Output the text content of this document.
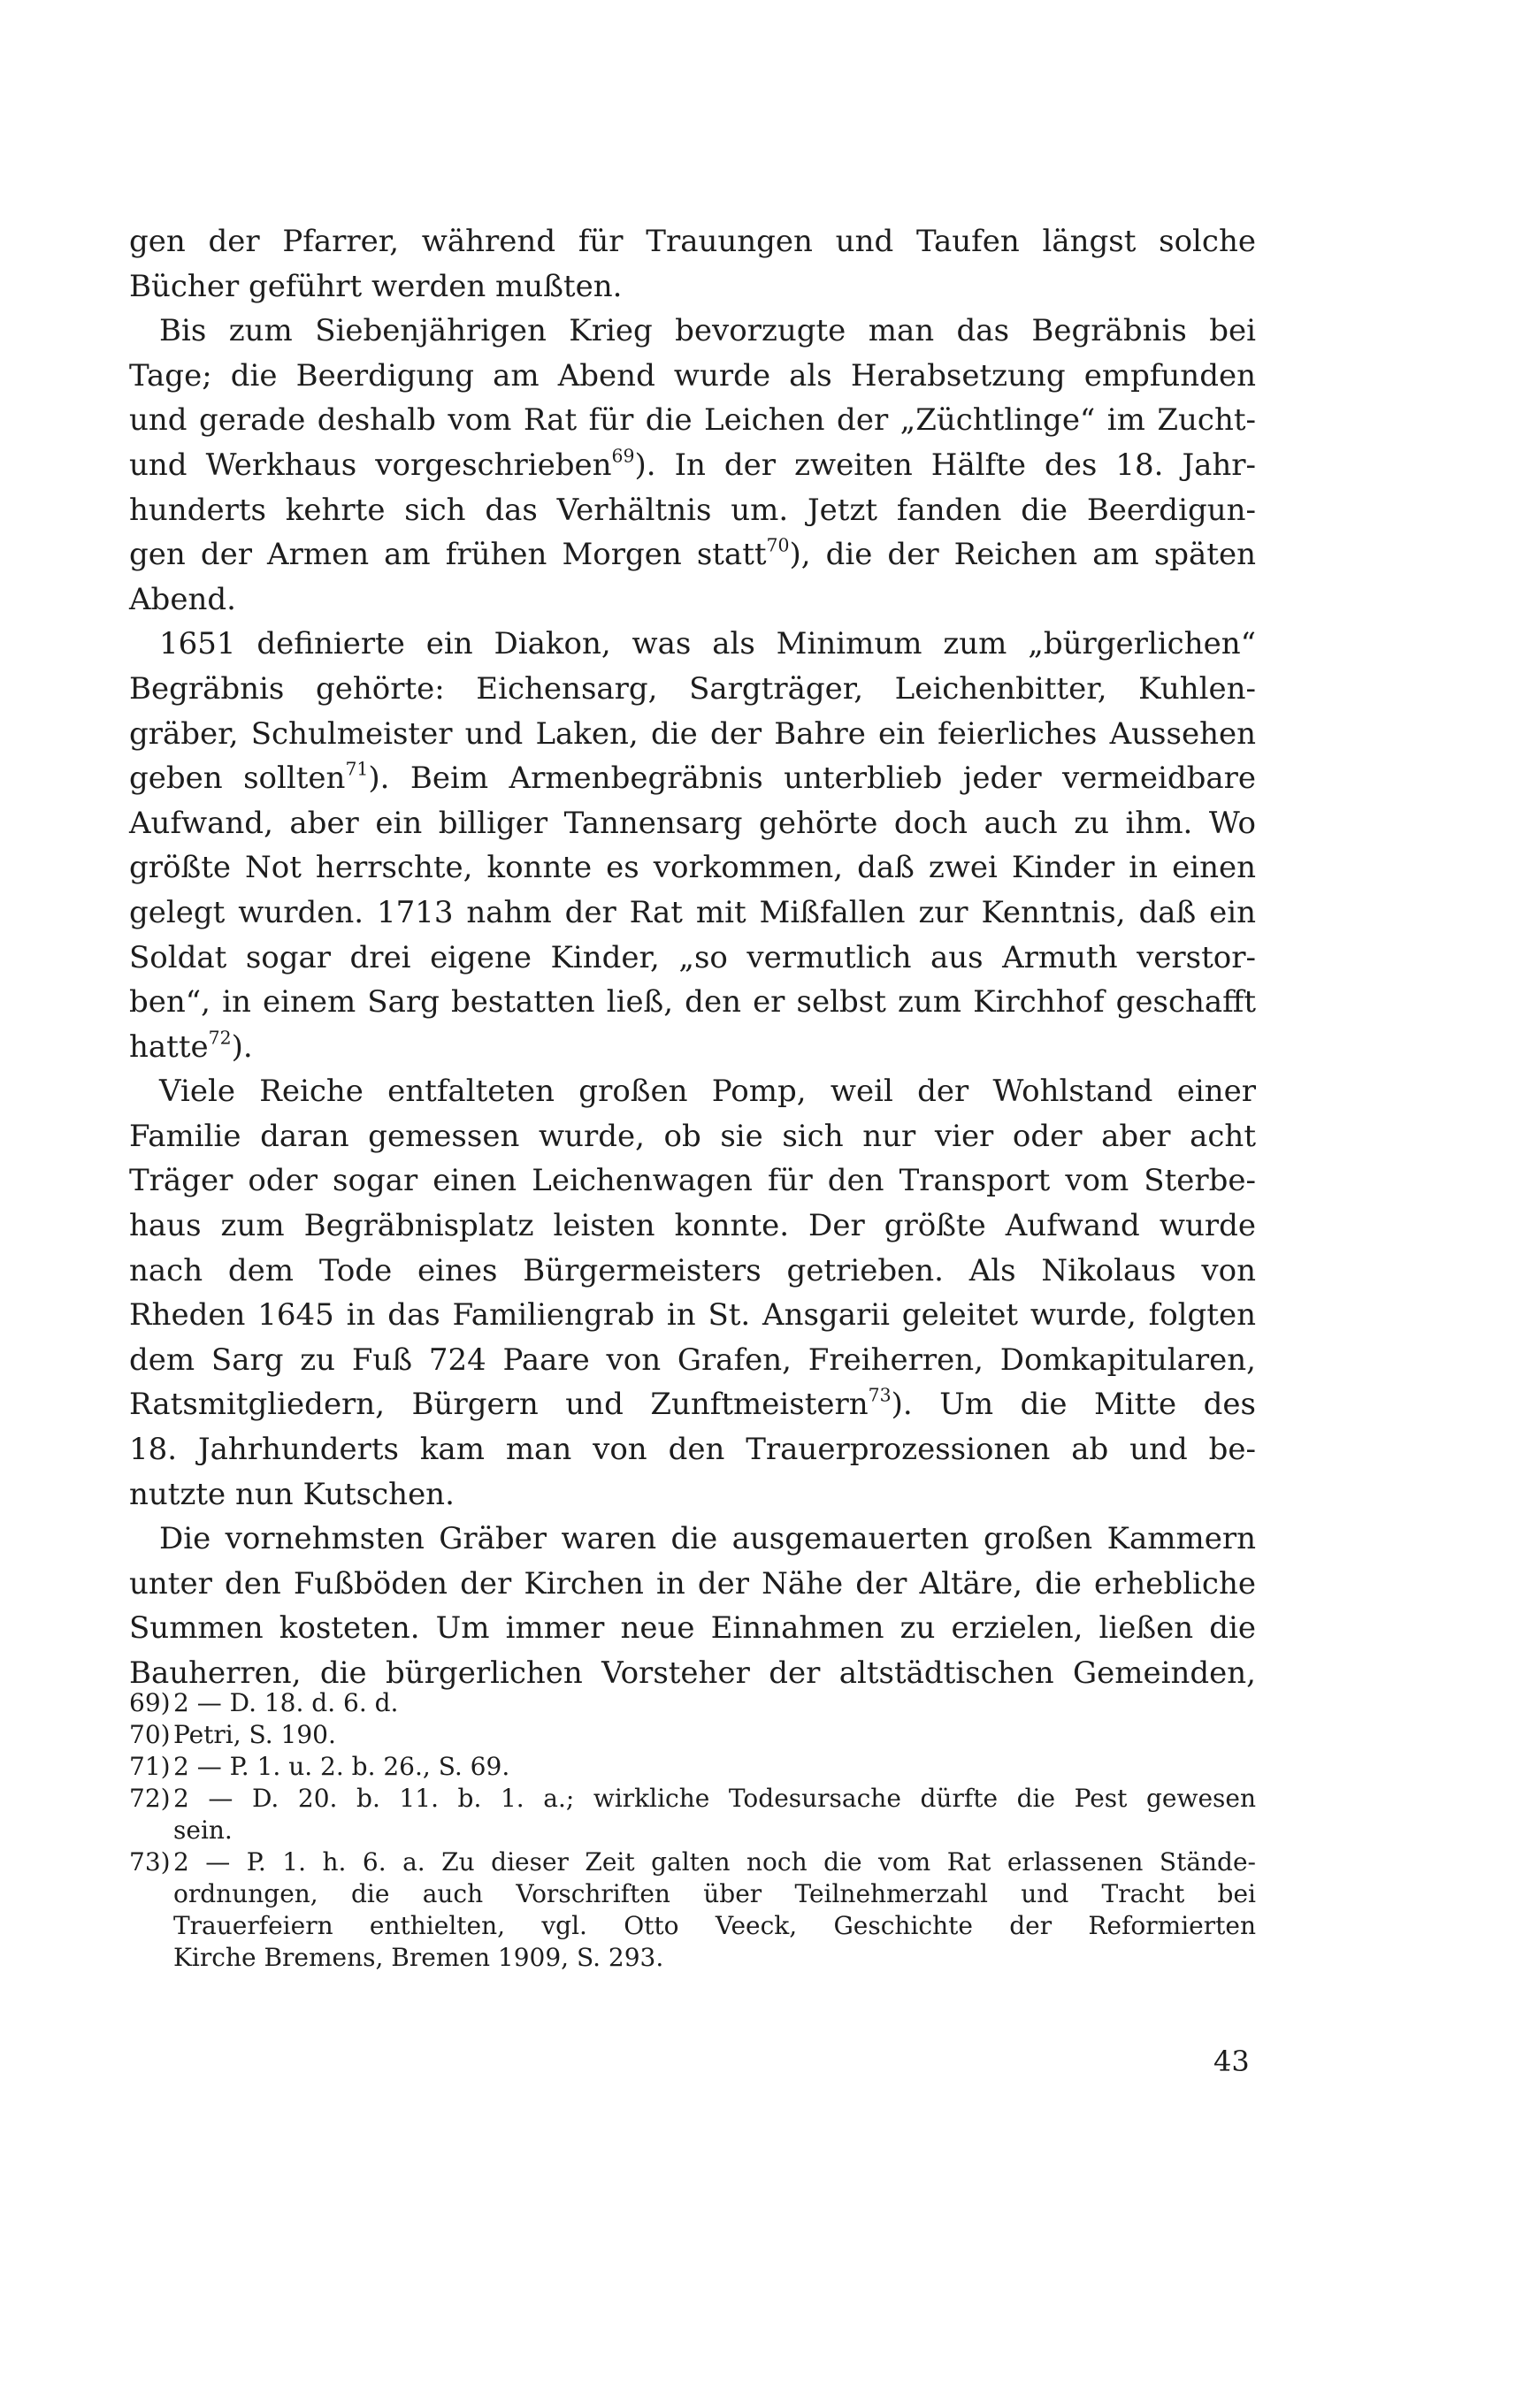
gen der Pfarrer, während für Trauungen und Taufen längst solche
Bücher geführt werden mußten.

Bis zum Siebenjährigen Krieg bevorzugte man das Begräbnis bei
Tage; die Beerdigung am Abend wurde als Herabsetzung empfunden
und gerade deshalb vom Rat für die Leichen der „Züchtlinge“ im Zucht-
und Werkhaus vorgeschrieben$^{69}$). In der zweiten Hälfte des 18. Jahr-
hunderts kehrte sich das Verhältnis um. Jetzt fanden die Beerdigun-
gen der Armen am frühen Morgen statt$^{70}$), die der Reichen am späten
Abend.

1651 definierte ein Diakon, was als Minimum zum „bürgerlichen“
Begräbnis gehörte: Eichensarg, Sargträger, Leichenbitter, Kuhlen-
gräber, Schulmeister und Laken, die der Bahre ein feierliches Aussehen
geben sollten$^{71}$). Beim Armenbegräbnis unterblieb jeder vermeidbare
Aufwand, aber ein billiger Tannensarg gehörte doch auch zu ihm. Wo
größte Not herrschte, konnte es vorkommen, daß zwei Kinder in einen
gelegt wurden. 1713 nahm der Rat mit Mißfallen zur Kenntnis, daß ein
Soldat sogar drei eigene Kinder, „so vermutlich aus Armuth verstor-
ben“, in einem Sarg bestatten ließ, den er selbst zum Kirchhof geschafft
hatte$^{72}$).

Viele Reiche entfalteten großen Pomp, weil der Wohlstand einer
Familie daran gemessen wurde, ob sie sich nur vier oder aber acht
Träger oder sogar einen Leichenwagen für den Transport vom Sterbe-
haus zum Begräbnisplatz leisten konnte. Der größte Aufwand wurde
nach dem Tode eines Bürgermeisters getrieben. Als Nikolaus von
Rheden 1645 in das Familiengrab in St. Ansgarii geleitet wurde, folgten
dem Sarg zu Fuß 724 Paare von Grafen, Freiherren, Domkapitularen,
Ratsmitgliedern, Bürgern und Zunftmeistern$^{73}$). Um die Mitte des
18. Jahrhunderts kam man von den Trauerprozessionen ab und be-
nutzte nun Kutschen.

Die vornehmsten Gräber waren die ausgemauerten großen Kammern
unter den Fußböden der Kirchen in der Nähe der Altäre, die erhebliche
Summen kosteten. Um immer neue Einnahmen zu erzielen, ließen die
Bauherren, die bürgerlichen Vorsteher der altstädtischen Gemeinden,

69) 2 — D. 18. d. 6. d.
70) Petri, S. 190.
71) 2 — P. 1. u. 2. b. 26., S. 69.
72) 2 — D. 20. b. 11. b. 1. a.; wirkliche Todesursache dürfte die Pest gewesen
sein.
73) 2 — P. 1. h. 6. a. Zu dieser Zeit galten noch die vom Rat erlassenen Stände-
ordnungen, die auch Vorschriften über Teilnehmerzahl und Tracht bei
Trauerfeiern enthielten, vgl. Otto Veeck, Geschichte der Reformierten
Kirche Bremens, Bremen 1909, S. 293.
43
